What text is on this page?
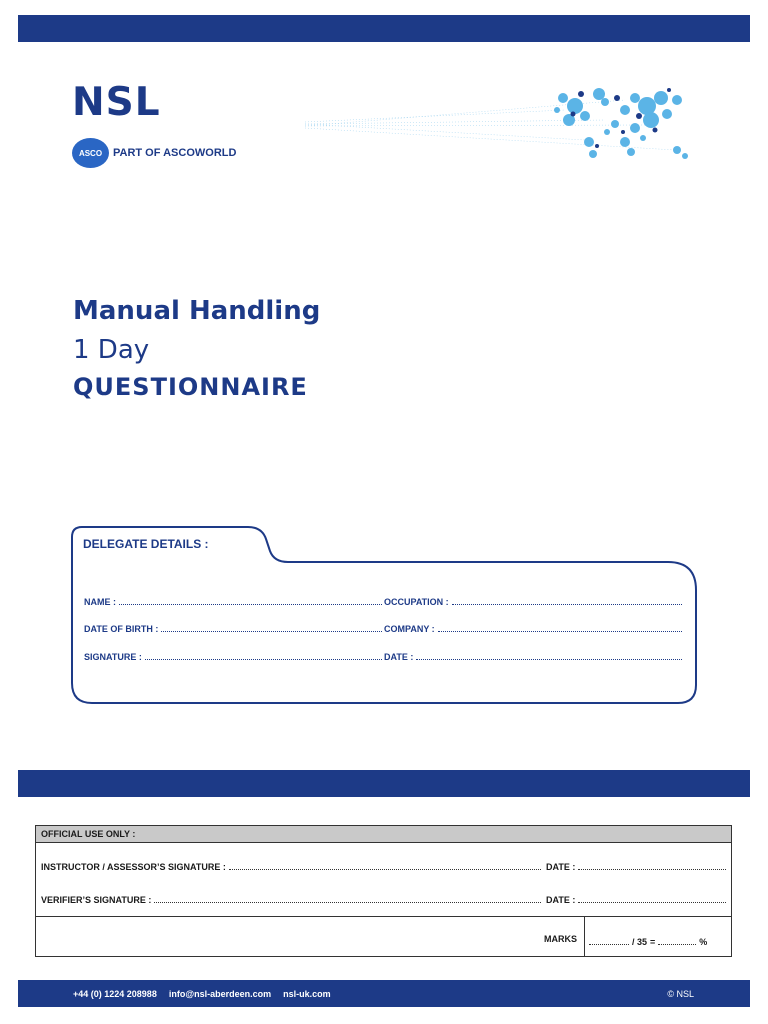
NSL
ASCO PART OF ASCOWORLD
Manual Handling
1 Day
QUESTIONNAIRE
DELEGATE DETAILS :
NAME :	OCCUPATION :
DATE OF BIRTH :	COMPANY :
SIGNATURE :	DATE :
OFFICIAL USE ONLY :
INSTRUCTOR / ASSESSOR’S SIGNATURE :	DATE :
VERIFIER’S SIGNATURE :	DATE :
MARKS	/ 35 =	%
+44 (0) 1224 208988 info@nsl-aberdeen.com nsl-uk.com	© NSL
